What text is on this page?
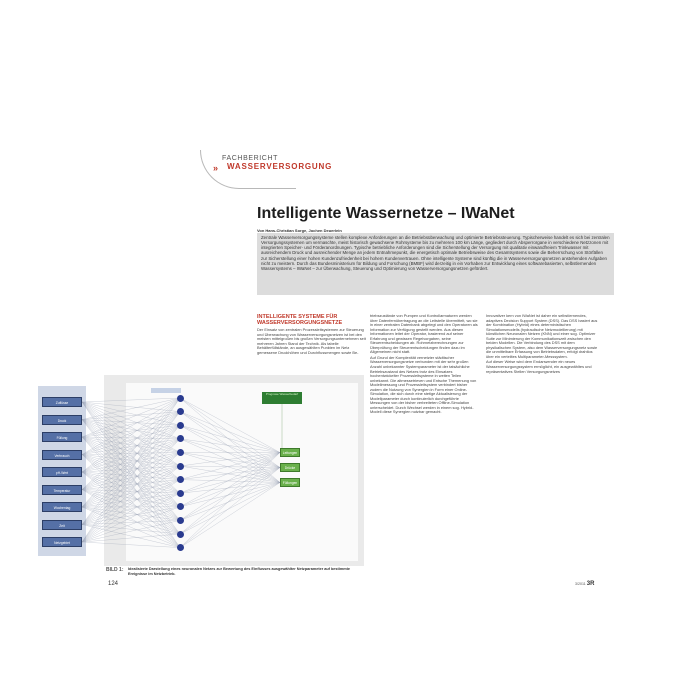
FACHBERICHT
» WASSERVERSORGUNG
Intelligente Wassernetze – IWaNet
Von Hans-Christian Sorge, Jochen Deuerlein
Zentrale Wasserversorgungssysteme stellen komplexe Anforderungen an die Betriebsüberwachung und optimierte Betriebssteuerung. Typischerweise handelt es sich bei zentralen Versorgungssystemen um vermaschte, meist historisch gewachsene Rohrsysteme bis zu mehreren 100 km Länge, gegliedert durch Absperrorgane in verschiedene Netzzonen mit integrierten Speicher- und Förderanordnungen. Typische betriebliche Anforderungen sind die Sicherstellung der Versorgung mit qualitativ einwandfreiem Trinkwasser mit ausreichendem Druck und ausreichender Menge an jedem Entnahmepunkt, die energetisch optimale Betriebsweise des Gesamtsystems sowie die Beherrschung von Störfällen zur Sicherstellung einer hohen Kundenzufriedenheit bei hohem Kundenvertrauen. Ohne intelligente Systeme sind künftig die in Wasserversorgungsnetzen anstehenden Aufgaben nicht zu meistern. Durch das Bundesministerium für Bildung und Forschung (BMBF) wird derzeitig in ein Vorhaben zur Entwicklung eines softwarebasierten, selbstlernenden Wassersystems – IWaNet – zur Überwachung, Steuerung und Optimierung von Wasserversorgungsnetzen gefördert.
INTELLIGENTE SYSTEME FÜR WASSERVERSORGUNGSNETZE
Der Einsatz von zentralen Prozessleitsystemen zur Steuerung und Überwachung von Wasserversorgungsnetzen ist bei den meisten mittelgroßen bis großen Versorgungsunternehmen seit mehreren Jahren Stand der Technik. Als tabelle Behälterfüllstände, an ausgewählten Punkten im Netz gemessene Druckhöhen und Durchflussmengen sowie Be-

triebszustände von Pumpen und Kontrollarmaturen werden über Datenfernübertragung an die Leitstelle übermittelt, wo sie in einer zentralen Datenbank abgelegt und den Operatoren als Information zur Verfügung gestellt werden. Aus diesen Informationen leitet der Operator, basierend auf seiner Erfahrung und gewissen Regelvorgaben, seine Steuerentscheidungen ab. Rohrnetzberechnungen zur Überprüfung der Steuerentscheidungen finden dazu im Allgemeinen nicht statt.

Auf Grund der Komplexität vernetzter städtischer Wasserversorgungsnetze verbunden mit der sehr großen Anzahl unbekannter Systemparameter ist der tatsächliche Betriebszustand des Netzes trotz des Einsatzes hochentwickelter Prozessleitsysteme in weiten Teilen unbekannt. Die altmessetrieven und Entsche Themenung von Modellmessung und Prozessleitsystem verbindert bisher zudem die Nutzung von Synergien in Form einer Online-Simulation, die sich durch eine stetige Aktualisierung der Modellparameter durch kontinuierlich durchgeführte Messungen von der bisher verbreiteten Offline-Simulation unterscheidet. Durch Wechsel werden in einem sog. Hybrid-Modell diese Synergien nutzbar gemacht.

Innovativer kern von IWaNet ist daher ein selbstlernendes, adaptives Decision Support System (DSS). Das DSS basiert aus der Kombination (Hybrid) eines deterministischen Simulationsmodells (hydraulische Netzmodellierung) mit künstlichen Neuronalen Netzen (KNN) und einer sog. Optimizer Suite zur Minimierung der Kommunikationszeit zwischen den beiden Modellen. Die Verbindung des DSS mit dem physikalischen System, also dem Wasserversorgungsnetz sowie die unmittelbare Erfassung von Betriebsdaten, erfolgt drahtlos über ein verteiltes Multiparameter-Messsystem.

Auf dieser Weise wird dem Endanwender ein neues Wasserversorgungssystem ermöglicht, ein ausgewähltes und repräsentatives Stellen Versorgungsnetzes

Zuflüsse
Druck
Füllung
Verbrauch
pH-Wert
Temperatur
Wochentag
Zeit
Netzgebiet
Leitungen
Drücke
Füllungen
Prognose Wasserbedarf
BILD 1: Idealisierte Darstellung eines neuronalen Netzes zur Bewertung des Einflusses ausgewählter Netzparameter auf bestimmte Ereignisse im Netzbetrieb.
124	3/2011 3R
